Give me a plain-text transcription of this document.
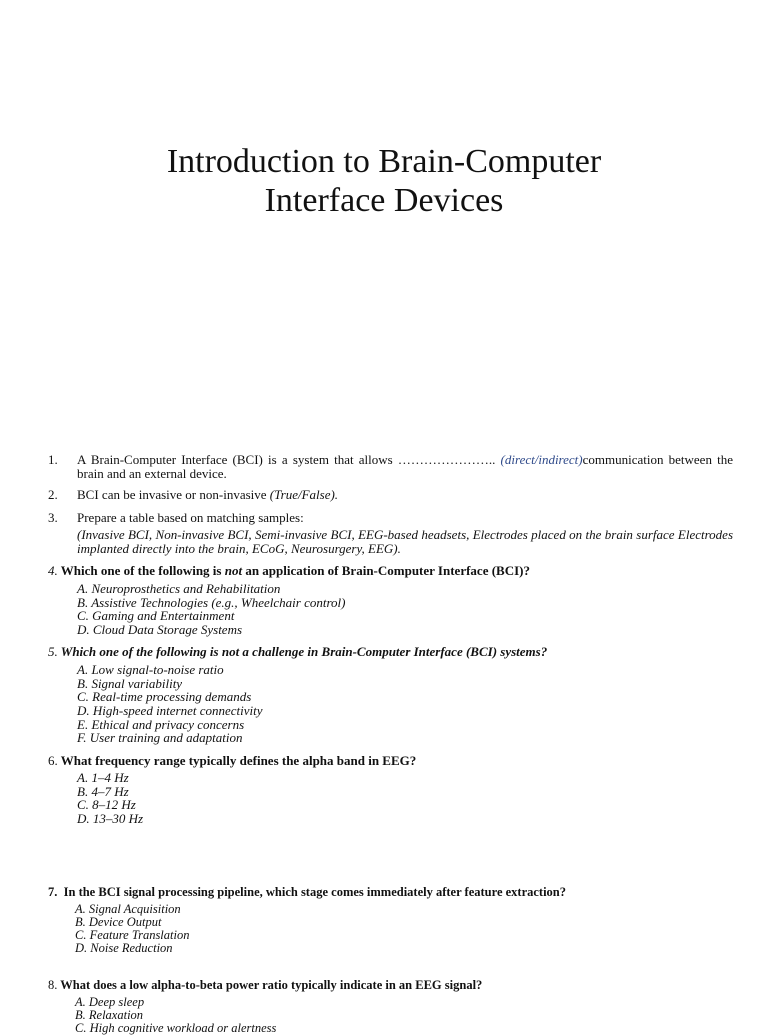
Introduction to Brain-Computer
Interface Devices
1. A Brain-Computer Interface (BCI) is a system that allows ………………….. (direct/indirect)communication between the brain and an external device.
2. BCI can be invasive or non-invasive (True/False).
3. Prepare a table based on matching samples:
(Invasive BCI, Non-invasive BCI, Semi-invasive BCI, EEG-based headsets, Electrodes placed on the brain surface Electrodes implanted directly into the brain, ECoG, Neurosurgery, EEG).
4. Which one of the following is not an application of Brain-Computer Interface (BCI)?
A. Neuroprosthetics and Rehabilitation
B. Assistive Technologies (e.g., Wheelchair control)
C. Gaming and Entertainment
D. Cloud Data Storage Systems
5. Which one of the following is not a challenge in Brain-Computer Interface (BCI) systems?
A. Low signal-to-noise ratio
B. Signal variability
C. Real-time processing demands
D. High-speed internet connectivity
E. Ethical and privacy concerns
F. User training and adaptation
6. What frequency range typically defines the alpha band in EEG?
A. 1–4 Hz
B. 4–7 Hz
C. 8–12 Hz
D. 13–30 Hz
7. In the BCI signal processing pipeline, which stage comes immediately after feature extraction?
A. Signal Acquisition
B. Device Output
C. Feature Translation
D. Noise Reduction
8. What does a low alpha-to-beta power ratio typically indicate in an EEG signal?
A. Deep sleep
B. Relaxation
C. High cognitive workload or alertness
